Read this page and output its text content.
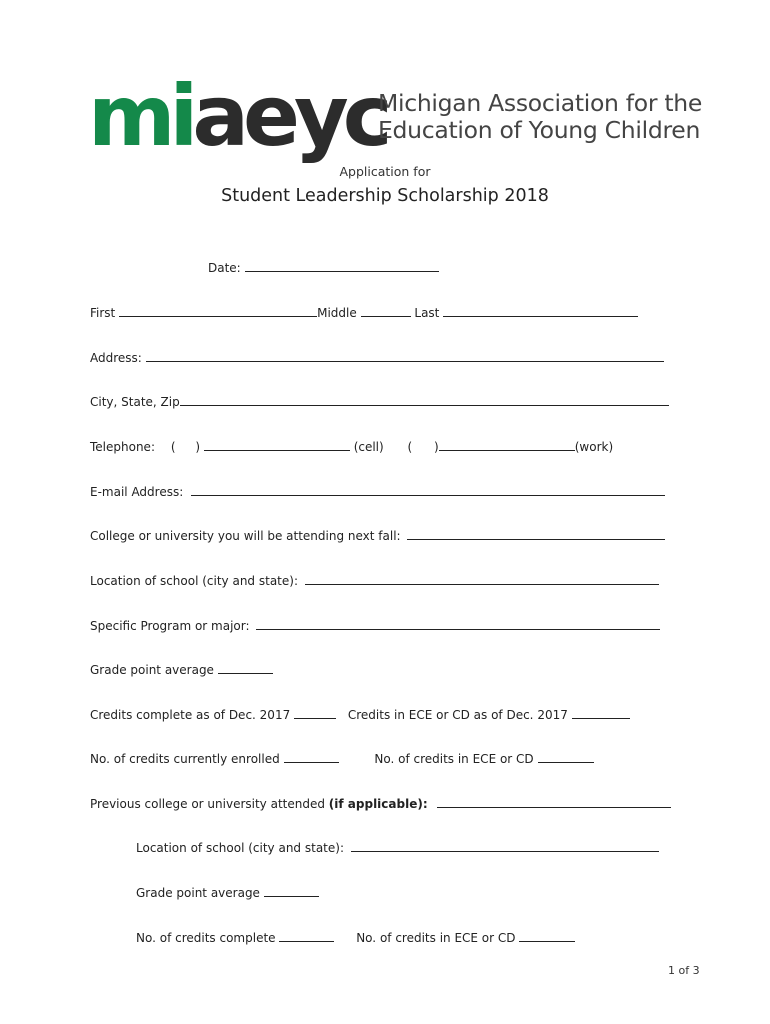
miaeyc
Michigan Association for the
Education of Young Children
Application for
Student Leadership Scholarship 2018
Date:
First	Middle	Last
Address:
City, State, Zip
Telephone: ( )	(cell) ( )	(work)
E-mail Address:
College or university you will be attending next fall:
Location of school (city and state):
Specific Program or major:
Grade point average
Credits complete as of Dec. 2017	Credits in ECE or CD as of Dec. 2017
No. of credits currently enrolled	No. of credits in ECE or CD
Previous college or university attended (if applicable):
Location of school (city and state):
Grade point average
No. of credits complete	No. of credits in ECE or CD
1 of 3
